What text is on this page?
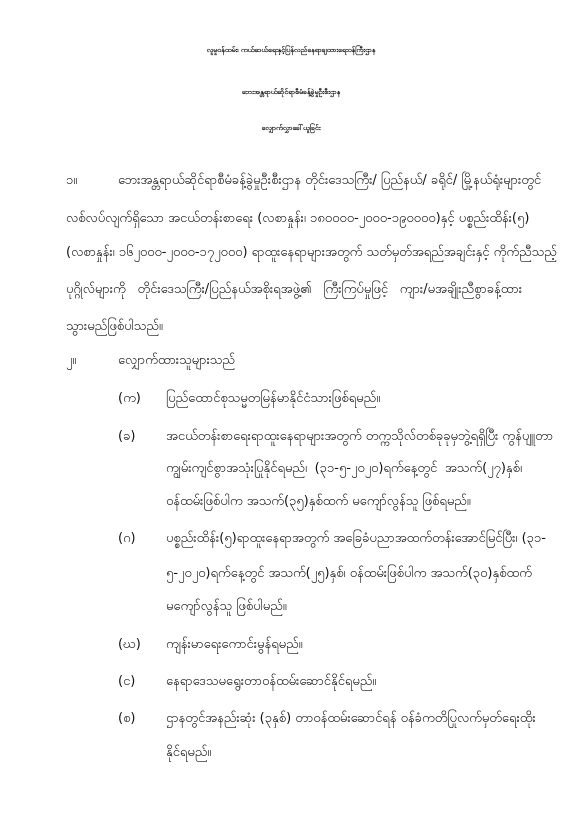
လူမှုဝန်ထမ်း၊ ကယ်ဆယ်ရေးနှင့်ပြန်လည်နေရာချထားရေးဝန်ကြီးဌာန
ဘေးအန္တရာယ်ဆိုင်ရာစီမံခန့်ခွဲမှုဦးစီးဌာန
လျှောက်လွှာခေါ်ယူခြင်း
၁။	ဘေးအန္တရာယ်ဆိုင်ရာစီမံခန့်ခွဲမှုဦးစီးဌာန တိုင်းဒေသကြီး/ ပြည်နယ်/ ခရိုင်/ မြို့နယ်ရုံးများတွင်
လစ်လပ်လျက်ရှိသော အငယ်တန်းစာရေး (လစာနှုန်း၊ ၁၈၀၀၀၀-၂၀၀၀-၁၉၀၀၀၀)နှင့် ပစ္စည်းထိန်း(၅)
(လစာနှုန်း၊ ၁၆၂၀၀၀-၂၀၀၀-၁၇၂၀၀၀) ရာထူးနေရာများအတွက် သတ်မှတ်အရည်အချင်းနှင့် ကိုက်ညီသည့်
ပုဂ္ဂိုလ်များကို တိုင်းဒေသကြီး/ပြည်နယ်အစိုးရအဖွဲ့၏ ကြီးကြပ်မှုဖြင့် ကျား/မအချိုးညီစွာခန့်ထား
သွားမည်ဖြစ်ပါသည်။
၂။	လျှောက်ထားသူများသည်
(က) ပြည်ထောင်စုသမ္မတမြန်မာနိုင်ငံသားဖြစ်ရမည်။
(ခ) အငယ်တန်းစာရေးရာထူးနေရာများအတွက် တက္ကသိုလ်တစ်ခုခုမှဘွဲ့ရရှိပြီး ကွန်ပျူတာ
ကျွမ်းကျင်စွာအသုံးပြုနိုင်ရမည်၊ (၃၁-၅-၂၀၂၀)ရက်နေ့တွင် အသက်(၂၇)နှစ်၊
ဝန်ထမ်းဖြစ်ပါက အသက်(၃၅)နှစ်ထက် မကျော်လွန်သူ ဖြစ်ရမည်။
(ဂ) ပစ္စည်းထိန်း(၅)ရာထူးနေရာအတွက် အခြေခံပညာအထက်တန်းအောင်မြင်ပြီး၊ (၃၁-
၅-၂၀၂၀)ရက်နေ့တွင် အသက်(၂၅)နှစ်၊ ဝန်ထမ်းဖြစ်ပါက အသက်(၃၀)နှစ်ထက်
မကျော်လွန်သူ ဖြစ်ပါမည်။
(ဃ) ကျန်းမာရေးကောင်းမွန်ရမည်။
(င) နေရာဒေသမရွေးတာဝန်ထမ်းဆောင်နိုင်ရမည်။
(စ) ဌာနတွင်အနည်းဆုံး (၃နှစ်) တာဝန်ထမ်းဆောင်ရန် ဝန်ခံကတိပြုလက်မှတ်ရေးထိုး
နိုင်ရမည်။
